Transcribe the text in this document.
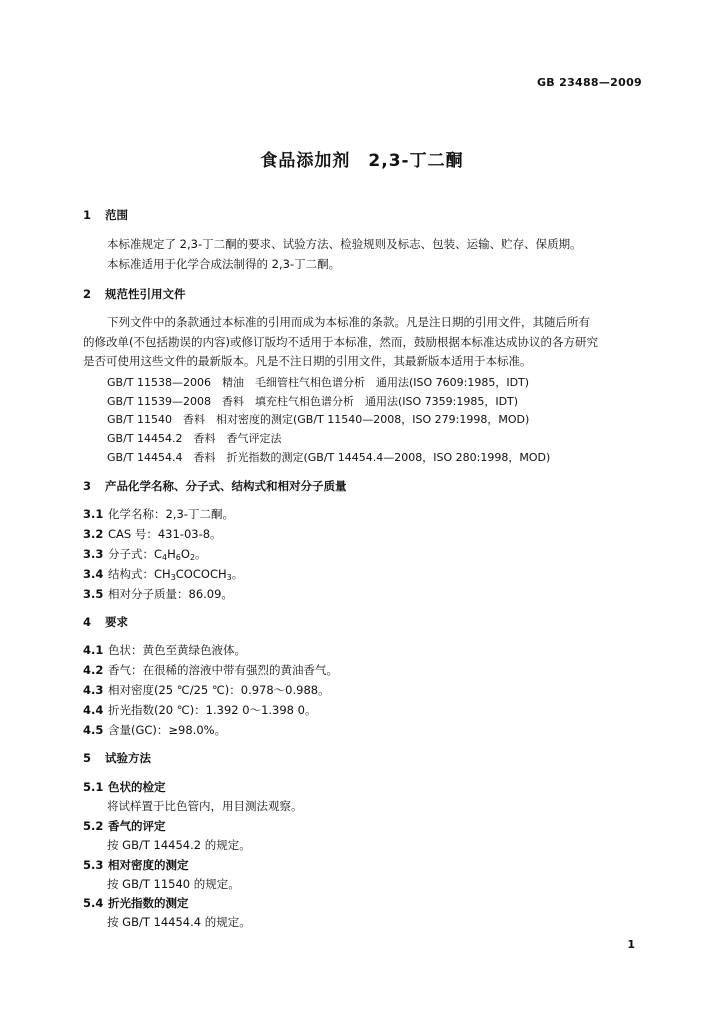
GB 23488—2009
食品添加剂　2,3-丁二酮
1 范围
本标准规定了 2,3-丁二酮的要求、试验方法、检验规则及标志、包装、运输、贮存、保质期。
本标准适用于化学合成法制得的 2,3-丁二酮。
2 规范性引用文件
下列文件中的条款通过本标准的引用而成为本标准的条款。凡是注日期的引用文件，其随后所有
的修改单(不包括勘误的内容)或修订版均不适用于本标准，然而，鼓励根据本标准达成协议的各方研究
是否可使用这些文件的最新版本。凡是不注日期的引用文件，其最新版本适用于本标准。
GB/T 11538—2006　精油　毛细管柱气相色谱分析　通用法(ISO 7609:1985，IDT)
GB/T 11539—2008　香料　填充柱气相色谱分析　通用法(ISO 7359:1985，IDT)
GB/T 11540　香料　相对密度的测定(GB/T 11540—2008，ISO 279:1998，MOD)
GB/T 14454.2　香料　香气评定法
GB/T 14454.4　香料　折光指数的测定(GB/T 14454.4—2008，ISO 280:1998，MOD)
3 产品化学名称、分子式、结构式和相对分子质量
3.1 化学名称：2,3-丁二酮。
3.2 CAS 号：431-03-8。
3.3 分子式：$C_4H_6O_2$。
3.4 结构式：$CH_3COCOCH_3$。
3.5 相对分子质量：86.09。
4 要求
4.1 色状：黄色至黄绿色液体。
4.2 香气：在很稀的溶液中带有强烈的黄油香气。
4.3 相对密度(25 ℃/25 ℃)：0.978～0.988。
4.4 折光指数(20 ℃)：1.392 0～1.398 0。
4.5 含量(GC)：≥98.0%。
5 试验方法
5.1 色状的检定
将试样置于比色管内，用目测法观察。
5.2 香气的评定
按 GB/T 14454.2 的规定。
5.3 相对密度的测定
按 GB/T 11540 的规定。
5.4 折光指数的测定
按 GB/T 14454.4 的规定。
1
